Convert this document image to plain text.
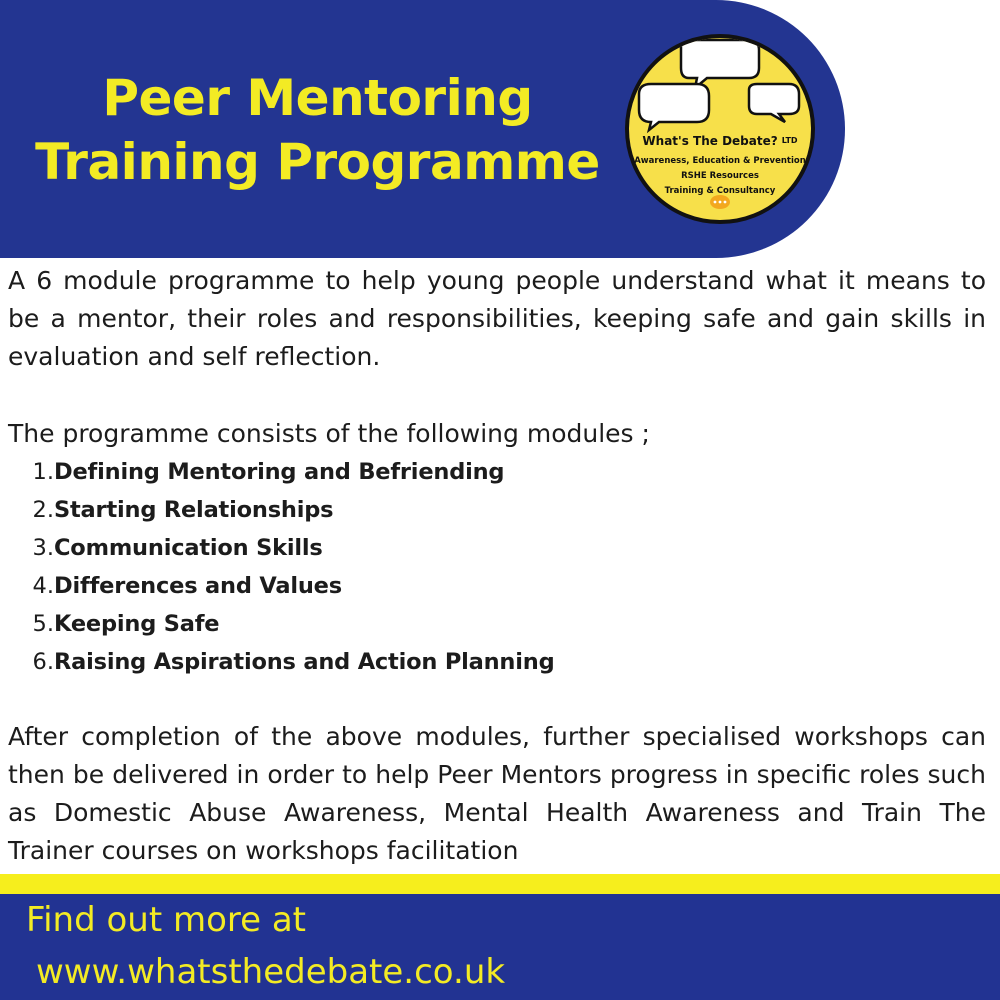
Peer Mentoring
Training Programme	What's The Debate? LTD
Awareness, Education & Prevention
RSHE Resources
Training & Consultancy

A 6 module programme to help young people understand what it means to be a mentor, their roles and responsibilities, keeping safe and gain skills in evaluation and self reflection.

The programme consists of the following modules ;
1.Defining Mentoring and Befriending
2.Starting Relationships
3.Communication Skills
4.Differences and Values
5.Keeping Safe
6.Raising Aspirations and Action Planning

After completion of the above modules, further specialised workshops can then be delivered in order to help Peer Mentors progress in specific roles such as Domestic Abuse Awareness, Mental Health Awareness and Train The Trainer courses on workshops facilitation

Find out more at
www.whatsthedebate.co.uk
